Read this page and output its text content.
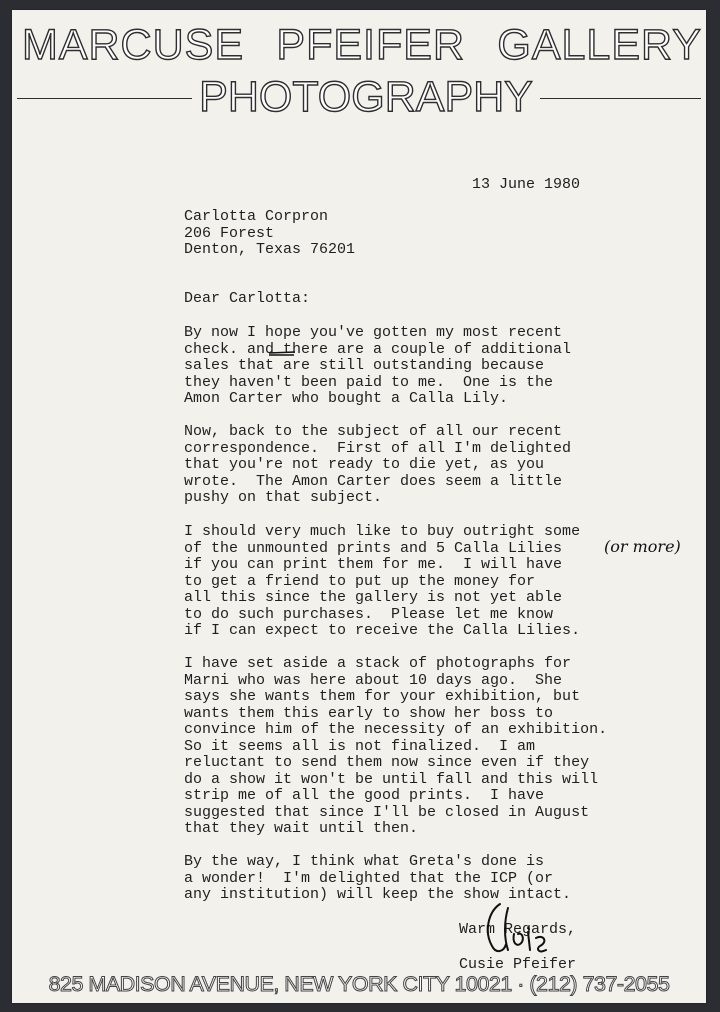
MARCUSE PFEIFER GALLERY
PHOTOGRAPHY
13 June 1980
Carlotta Corpron
206 Forest
Denton, Texas 76201
Dear Carlotta:
By now I hope you've gotten my most recent
check. and there are a couple of additional
sales that are still outstanding because
they haven't been paid to me.  One is the
Amon Carter who bought a Calla Lily.
Now, back to the subject of all our recent
correspondence.  First of all I'm delighted
that you're not ready to die yet, as you
wrote.  The Amon Carter does seem a little
pushy on that subject.
I should very much like to buy outright some
of the unmounted prints and 5 Calla Lilies
if you can print them for me.  I will have
to get a friend to put up the money for
all this since the gallery is not yet able
to do such purchases.  Please let me know
if I can expect to receive the Calla Lilies.
(or more)
I have set aside a stack of photographs for
Marni who was here about 10 days ago.  She
says she wants them for your exhibition, but
wants them this early to show her boss to
convince him of the necessity of an exhibition.
So it seems all is not finalized.  I am
reluctant to send them now since even if they
do a show it won't be until fall and this will
strip me of all the good prints.  I have
suggested that since I'll be closed in August
that they wait until then.
By the way, I think what Greta's done is
a wonder!  I'm delighted that the ICP (or
any institution) will keep the show intact.
Warm Regards,
Cusie Pfeifer
825 MADISON AVENUE, NEW YORK CITY 10021 · (212) 737-2055
